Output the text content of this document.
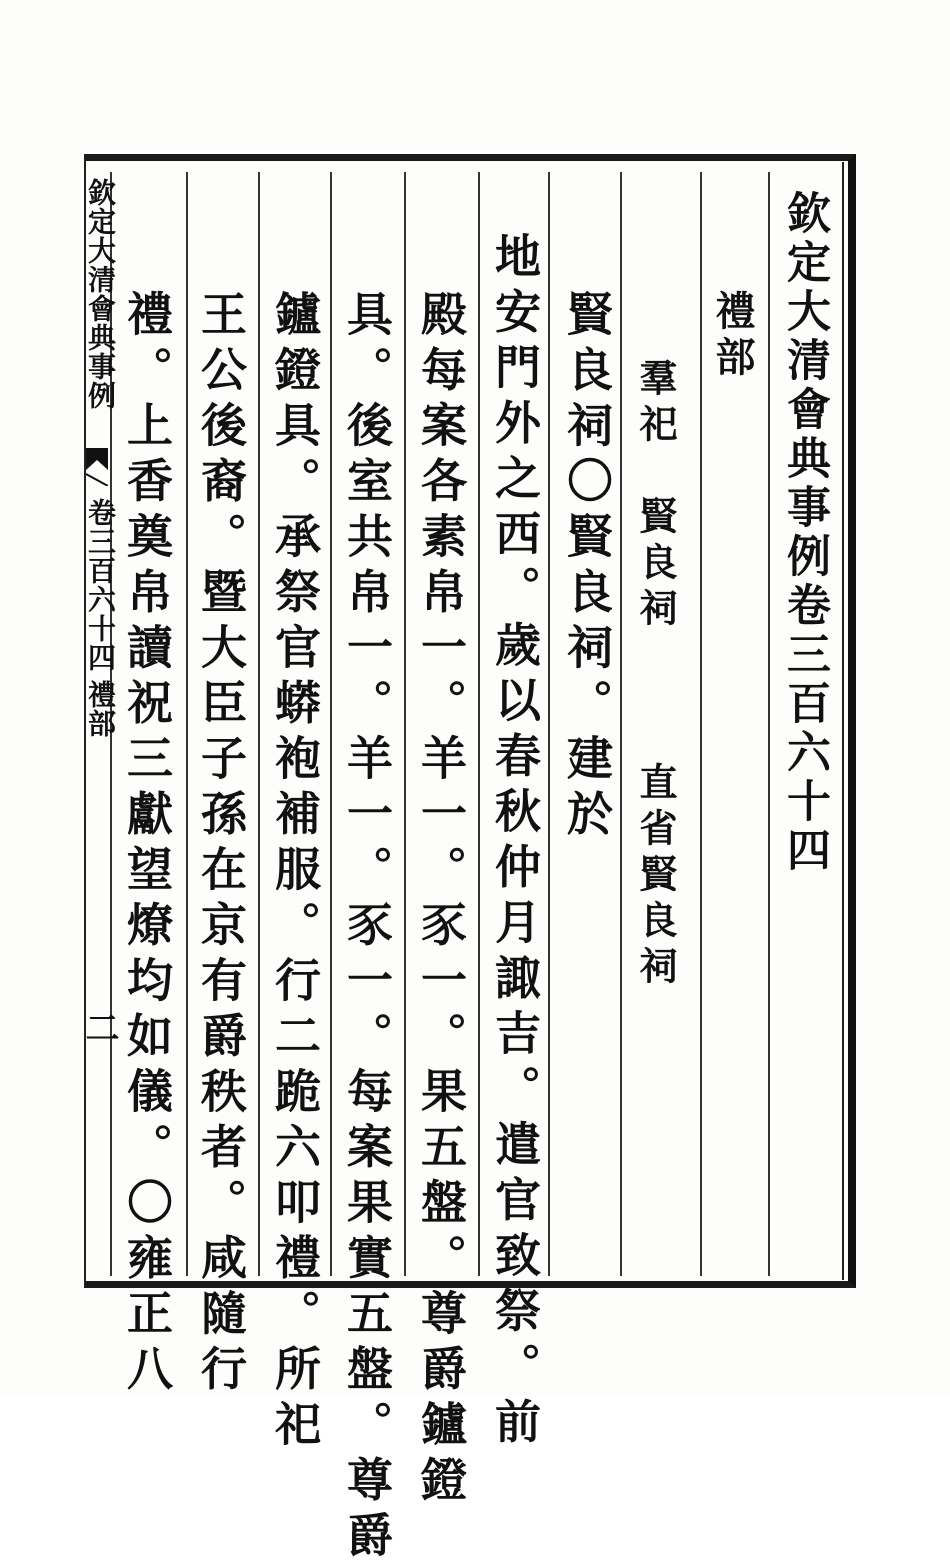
欽定大清會典事例卷三百六十四
禮部
羣祀　賢良祠
直省賢良祠
賢良祠〇賢良祠。建於
地安門外之西。歲以春秋仲月諏吉。遣官致祭。前
殿每案各素帛一。羊一。豕一。果五盤。尊爵鑪鐙
具。後室共帛一。羊一。豕一。每案果實五盤。尊爵
鑪鐙具。承祭官蟒袍補服。行二跪六叩禮。所祀
王公後裔。暨大臣子孫在京有爵秩者。咸隨行
禮。上香奠帛讀祝三獻望燎均如儀。〇雍正八
欽定大清會典事例
卷三百六十四
禮部
二
